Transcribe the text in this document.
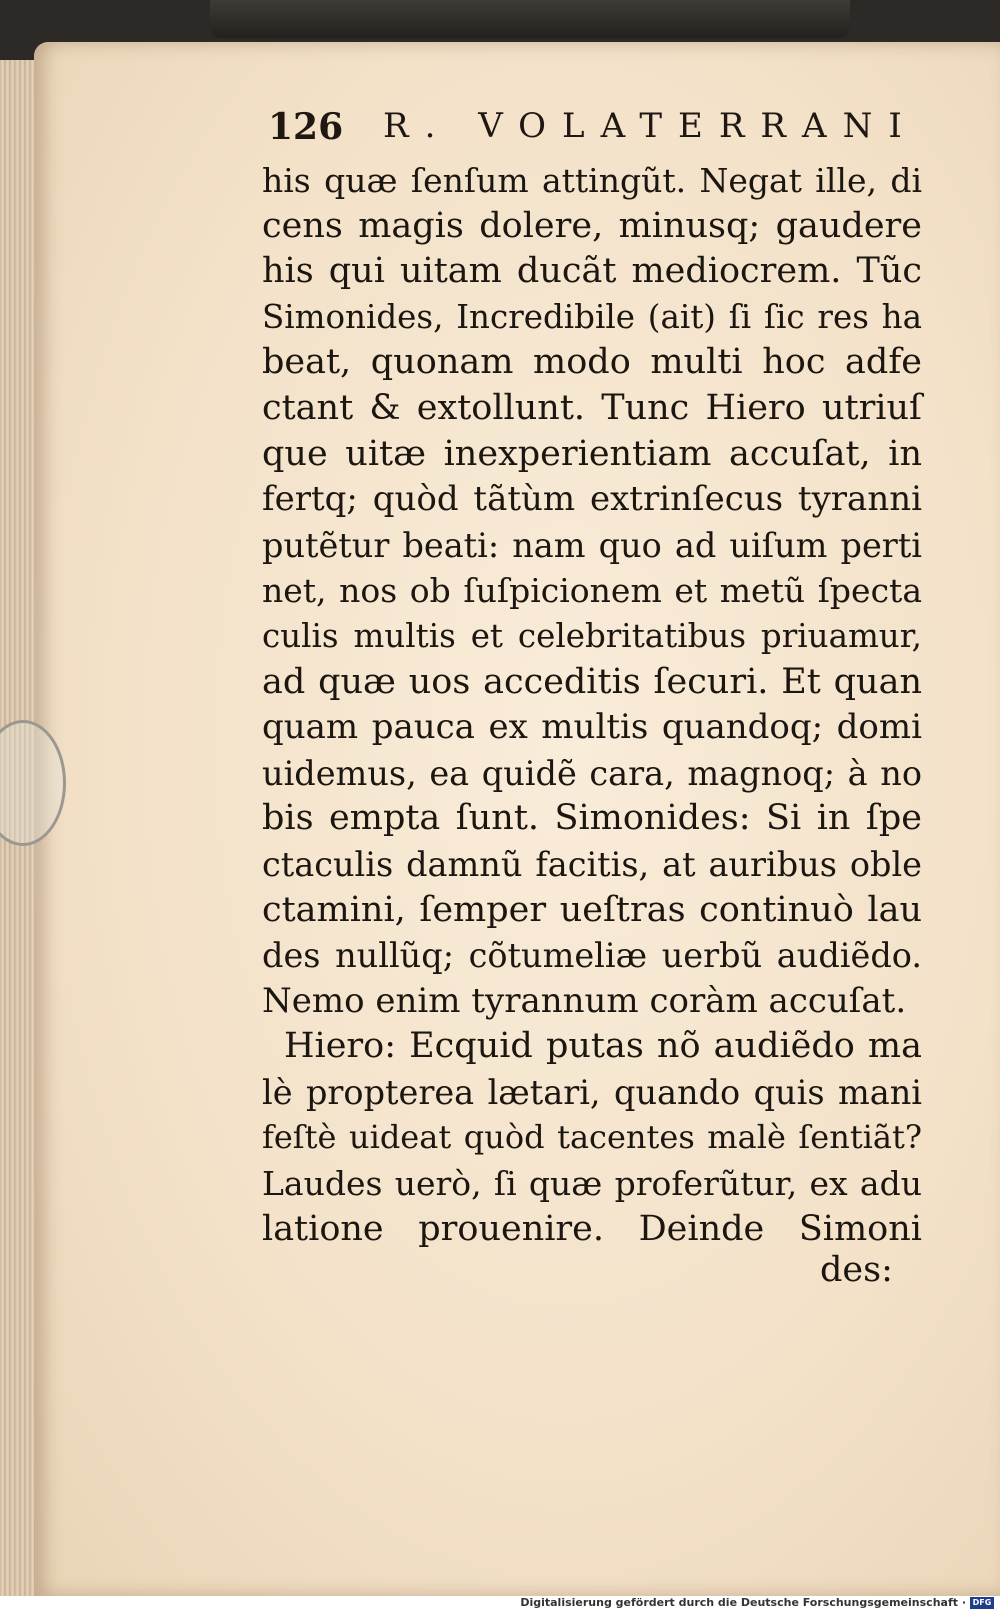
126 R. VOLATERRANI
his quæ ſenſum attingũt. Negat ille, di
cens magis dolere, minusq; gaudere
his qui uitam ducãt mediocrem. Tũc
Simonides, Incredibile (ait) ſi ſic res ha
beat, quonam modo multi hoc adfe
ctant & extollunt. Tunc Hiero utriuſ
que uitæ inexperientiam accuſat, in
fertq; quòd tãtùm extrinſecus tyranni
putẽtur beati: nam quo ad uiſum perti
net, nos ob ſuſpicionem et metũ ſpecta
culis multis et celebritatibus priuamur,
ad quæ uos acceditis ſecuri. Et quan
quam pauca ex multis quandoq; domi
uidemus, ea quidẽ cara, magnoq; à no
bis empta ſunt. Simonides: Si in ſpe
ctaculis damnũ facitis, at auribus oble
ctamini, ſemper ueſtras continuò lau
des nullũq; cõtumeliæ uerbũ audiẽdo.
Nemo enim tyrannum coràm accuſat.
Hiero: Ecquid putas nõ audiẽdo ma
lè propterea lætari, quando quis mani
feſtè uideat quòd tacentes malè ſentiãt?
Laudes uerò, ſi quæ proferũtur, ex adu
latione prouenire. Deinde Simoni
des:
Digitalisierung gefördert durch die Deutsche Forschungsgemeinschaft · DFG
